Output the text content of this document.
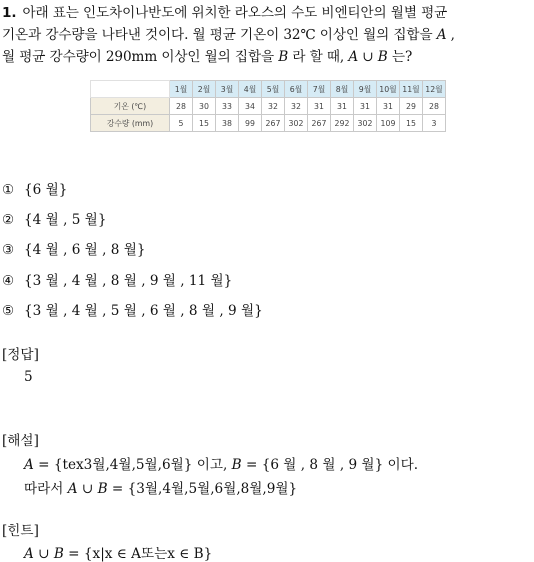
1. 아래 표는 인도차이나반도에 위치한 라오스의 수도 비엔티안의 월별 평균
기온과 강수량을 나타낸 것이다. 월 평균 기온이 32℃ 이상인 월의 집합을 A ,
월 평균 강수량이 290mm 이상인 월의 집합을 B 라 할 때, A ∪ B 는?
	1월	2월	3월	4월	5월	6월	7월	8월	9월	10월	11월	12월
기온 (℃)	28	30	33	34	32	32	31	31	31	31	29	28
강수량 (mm)	5	15	38	99	267	302	267	292	302	109	15	3
① {6 월}
② {4 월 , 5 월}
③ {4 월 , 6 월 , 8 월}
④ {3 월 , 4 월 , 8 월 , 9 월 , 11 월}
⑤ {3 월 , 4 월 , 5 월 , 6 월 , 8 월 , 9 월}
[정답]
5
[해설]
A = {tex3월,4월,5월,6월} 이고, B = {6 월 , 8 월 , 9 월} 이다.
따라서 A ∪ B = {3월,4월,5월,6월,8월,9월}
[힌트]
A ∪ B = {x|x ∈ A또는x ∈ B}
